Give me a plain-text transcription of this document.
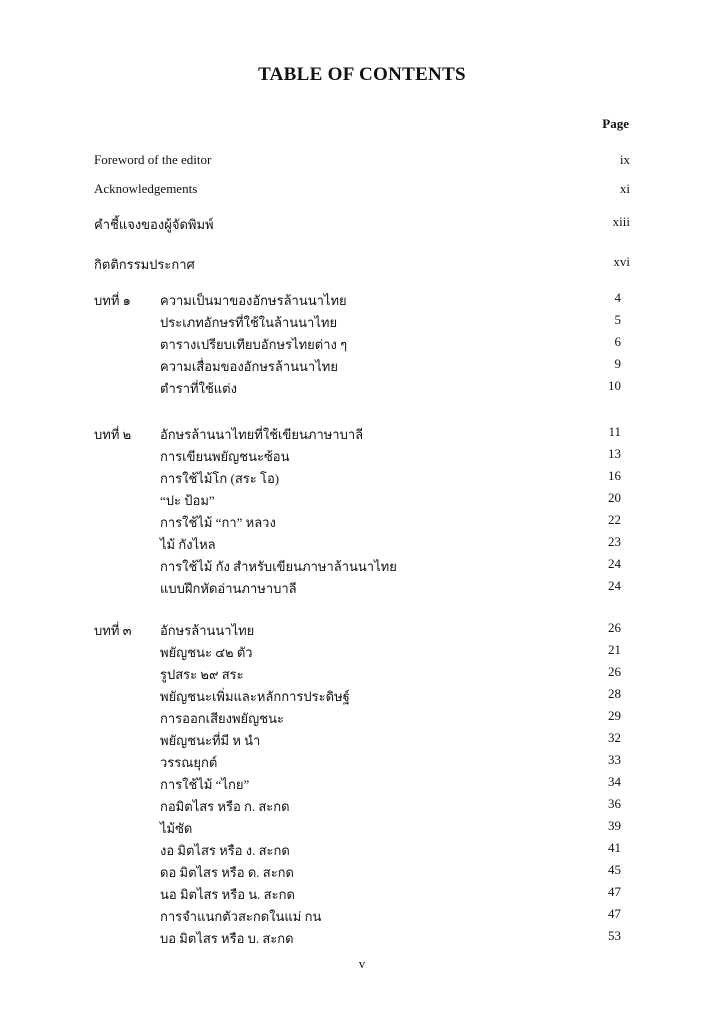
TABLE OF CONTENTS
Page
Foreword of the editor	ix
Acknowledgements	xi
คำชี้แจงของผู้จัดพิมพ์	xiii
กิตติกรรมประกาศ	xvi
บทที่ ๑ ความเป็นมาของอักษรล้านนาไทย	4
ประเภทอักษรที่ใช้ในล้านนาไทย	5
ตารางเปรียบเทียบอักษรไทยต่าง ๆ	6
ความเสื่อมของอักษรล้านนาไทย	9
ตำราที่ใช้แต่ง	10
บทที่ ๒ อักษรล้านนาไทยที่ใช้เขียนภาษาบาลี	11
การเขียนพยัญชนะซ้อน	13
การใช้ไม้โก (สระ โอ)	16
“ปะ ป้อม”	20
การใช้ไม้ “กา” หลวง	22
ไม้ กังไหล	23
การใช้ไม้ กัง สำหรับเขียนภาษาล้านนาไทย	24
แบบฝึกหัดอ่านภาษาบาลี	24
บทที่ ๓ อักษรล้านนาไทย	26
พยัญชนะ ๔๒ ตัว	21
รูปสระ ๒๙ สระ	26
พยัญชนะเพิ่มและหลักการประดิษฐ์	28
การออกเสียงพยัญชนะ	29
พยัญชนะที่มี ห นำ	32
วรรณยุกต์	33
การใช้ไม้ “ไกย”	34
กอมิตไสร หรือ ก. สะกด	36
ไม้ซัด	39
งอ มิตไสร หรือ ง. สะกด	41
ดอ มิตไสร หรือ ด. สะกด	45
นอ มิตไสร หรือ น. สะกด	47
การจำแนกตัวสะกดในแม่ กน	47
บอ มิตไสร หรือ บ. สะกด	53
v
